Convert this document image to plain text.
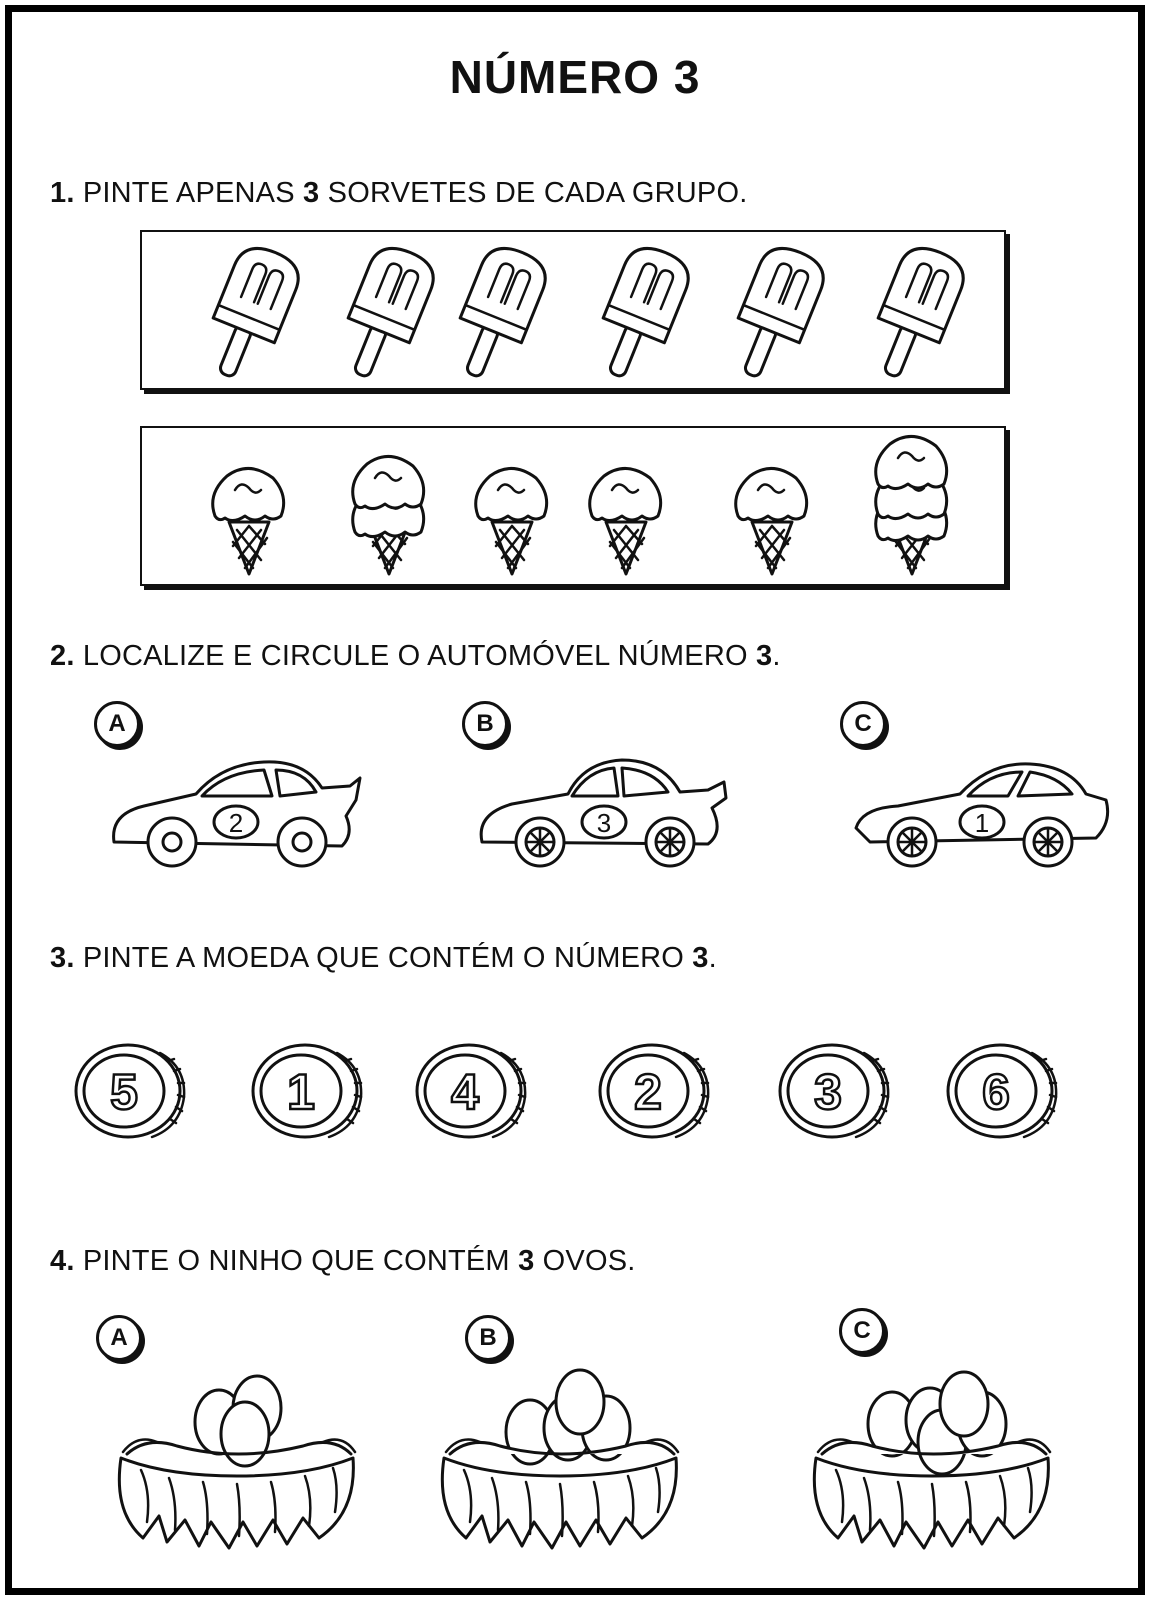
NÚMERO 3
1. PINTE APENAS 3 SORVETES DE CADA GRUPO.
2. LOCALIZE E CIRCULE O AUTOMÓVEL NÚMERO 3.
A
2
B
3
C
1
3. PINTE A MOEDA QUE CONTÉM O NÚMERO 3.
5	1	4	2	3	6
4. PINTE O NINHO QUE CONTÉM 3 OVOS.
A	B	C
